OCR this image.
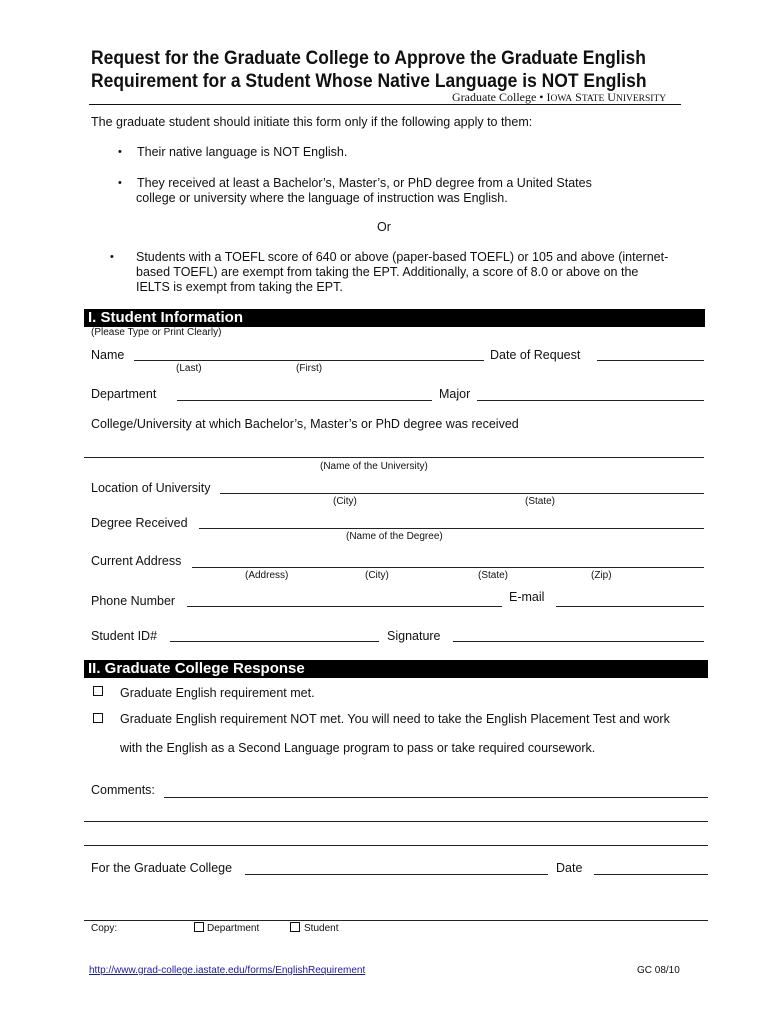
Request for the Graduate College to Approve the Graduate English
Requirement for a Student Whose Native Language is NOT English
Graduate College • IOWA STATE UNIVERSITY
The graduate student should initiate this form only if the following apply to them:
• Their native language is NOT English.
• They received at least a Bachelor’s, Master’s, or PhD degree from a United States
college or university where the language of instruction was English.
Or
• Students with a TOEFL score of 640 or above (paper-based TOEFL) or 105 and above (internet-
based TOEFL) are exempt from taking the EPT. Additionally, a score of 8.0 or above on the
IELTS is exempt from taking the EPT.
I. Student Information
(Please Type or Print Clearly)
Name
(Last)	(First)
Date of Request
Department	Major
College/University at which Bachelor’s, Master’s or PhD degree was received
(Name of the University)
Location of University
(City)	(State)
Degree Received
(Name of the Degree)
Current Address
(Address)	(City)	(State)	(Zip)
Phone Number	E-mail
Student ID#	Signature
II. Graduate College Response
Graduate English requirement met.
Graduate English requirement NOT met. You will need to take the English Placement Test and work
with the English as a Second Language program to pass or take required coursework.
Comments:
For the Graduate College	Date
Copy:	Department	Student
http://www.grad-college.iastate.edu/forms/EnglishRequirement	GC 08/10
